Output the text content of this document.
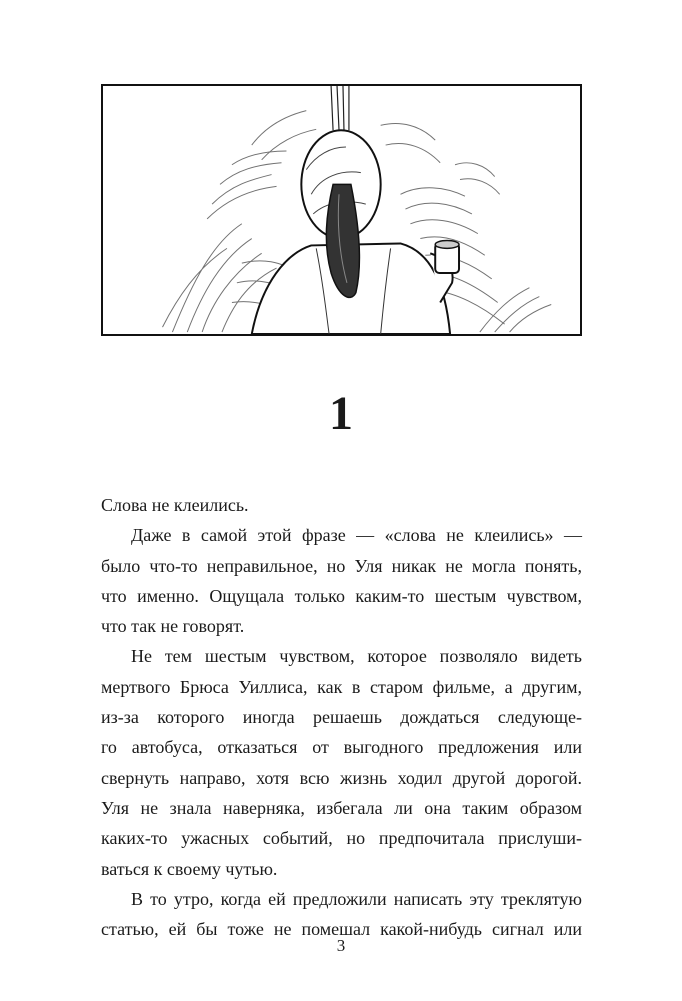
1
Слова не клеились.
Даже в самой этой фразе — «слова не клеились» —
было что-то неправильное, но Уля никак не могла понять,
что именно. Ощущала только каким-то шестым чувством,
что так не говорят.
Не тем шестым чувством, которое позволяло видеть
мертвого Брюса Уиллиса, как в старом фильме, а другим,
из-за которого иногда решаешь дождаться следующе-
го автобуса, отказаться от выгодного предложения или
свернуть направо, хотя всю жизнь ходил другой дорогой.
Уля не знала наверняка, избегала ли она таким образом
каких-то ужасных событий, но предпочитала прислуши-
ваться к своему чутью.
В то утро, когда ей предложили написать эту треклятую
статью, ей бы тоже не помешал какой-нибудь сигнал или
3
